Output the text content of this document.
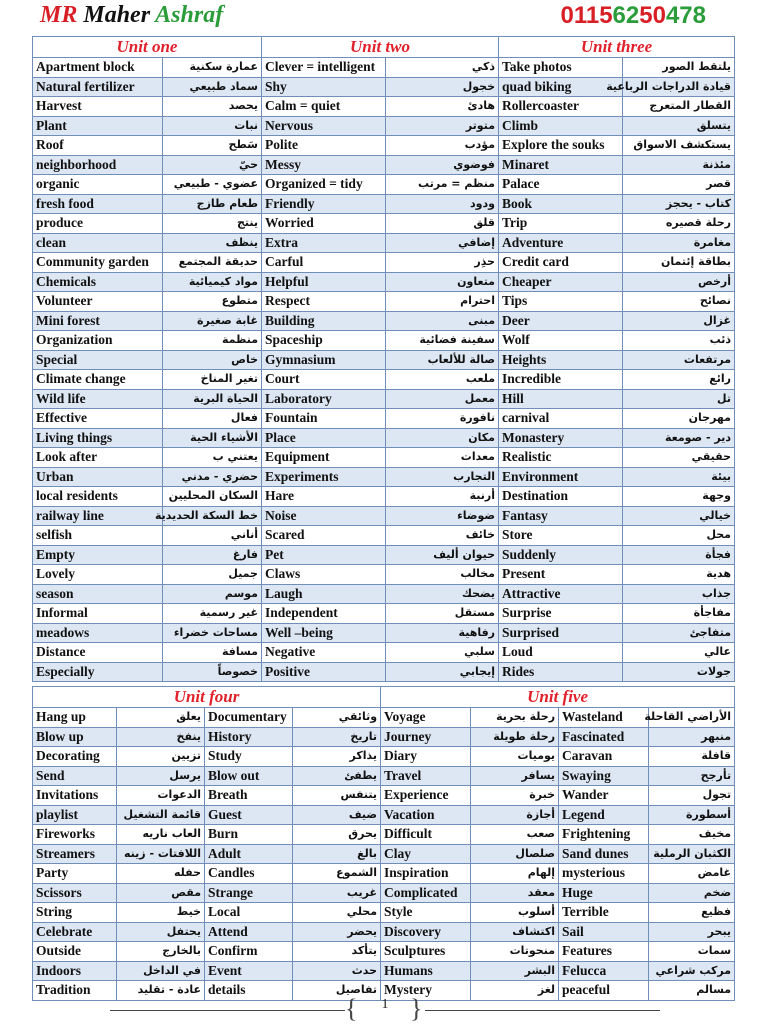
MR Maher Ashraf	01156250478
Unit one		Unit two		Unit three	
Apartment block	عمارة سكنية	Clever = intelligent	ذكي	Take photos	يلتقط الصور
Natural fertilizer	سماد طبيعي	Shy	خجول	quad biking	قيادة الدراجات الرباعية
Harvest	يحصد	Calm = quiet	هادئ	Rollercoaster	القطار المتعرج
Plant	نبات	Nervous	متوتر	Climb	يتسلق
Roof	سَطح	Polite	مؤدب	Explore the souks	يستكشف الاسواق
neighborhood	حيّ	Messy	فوضوي	Minaret	مئذنة
organic	عضوي - طبيعي	Organized = tidy	منظم = مرتب	Palace	قصر
fresh food	طعام طازج	Friendly	ودود	Book	كتاب - يحجز
produce	ينتج	Worried	قلق	Trip	رحلة قصيره
clean	ينظف	Extra	إضافي	Adventure	مغامرة
Community garden	حديقة المجتمع	Carful	حذِر	Credit card	بطاقة إئتمان
Chemicals	مواد كيميائية	Helpful	متعاون	Cheaper	أرخص
Volunteer	متطوع	Respect	احترام	Tips	نصائح
Mini forest	غابة صغيرة	Building	مبنى	Deer	غزال
Organization	منظمة	Spaceship	سفينة فضائية	Wolf	ذئب
Special	خاص	Gymnasium	صالة للألعاب	Heights	مرتفعات
Climate change	تغير المناخ	Court	ملعب	Incredible	رائع
Wild life	الحياة البرية	Laboratory	معمل	Hill	تل
Effective	فعال	Fountain	نافورة	carnival	مهرجان
Living things	الأشياء الحية	Place	مكان	Monastery	دير - صومعة
Look after	يعتني ب	Equipment	معدات	Realistic	حقيقي
Urban	حضري - مدني	Experiments	التجارب	Environment	بيئة
local residents	السكان المحليين	Hare	أرنبة	Destination	وجهة
railway line	خط السكة الحديدية	Noise	ضوضاء	Fantasy	خيالي
selfish	أناني	Scared	خائف	Store	محل
Empty	فارغ	Pet	حيوان أليف	Suddenly	فجأة
Lovely	جميل	Claws	مخالب	Present	هدية
season	موسم	Laugh	يضحك	Attractive	جذاب
Informal	غير رسمية	Independent	مستقل	Surprise	مفاجأة
meadows	مساحات خضراء	Well –being	رفاهية	Surprised	متفاجئ
Distance	مسافة	Negative	سلبي	Loud	عالي
Especially	خصوصاً	Positive	إيجابي	Rides	جولات
Unit four				Unit five			
Hang up	يعلق	Documentary	وثائقي	Voyage	رحلة بحرية	Wasteland	الأراضي القاحلة
Blow up	ينفخ	History	تاريخ	Journey	رحلة طويلة	Fascinated	منبهر
Decorating	تزيين	Study	يذاكر	Diary	يوميات	Caravan	قافلة
Send	يرسل	Blow out	يطفئ	Travel	يسافر	Swaying	تأرجح
Invitations	الدعوات	Breath	يتنفس	Experience	خبرة	Wander	تجول
playlist	قائمة التشغيل	Guest	ضيف	Vacation	أجازة	Legend	أسطورة
Fireworks	العاب ناريه	Burn	يحرق	Difficult	صعب	Frightening	مخيف
Streamers	اللافتات - زينه	Adult	بالغ	Clay	صلصال	Sand dunes	الكثبان الرملية
Party	حفله	Candles	الشموع	Inspiration	إلهام	mysterious	غامض
Scissors	مقص	Strange	غريب	Complicated	معقد	Huge	ضخم
String	خيط	Local	محلي	Style	أسلوب	Terrible	فظيع
Celebrate	يحتفل	Attend	يحضر	Discovery	اكتشاف	Sail	يبحر
Outside	بالخارج	Confirm	يتأكد	Sculptures	منحوتات	Features	سمات
Indoors	في الداخل	Event	حدث	Humans	البشر	Felucca	مركب شراعي
Tradition	عادة - تقليد	details	تفاصيل	Mystery	لغز	peaceful	مسالم
{	1 }
